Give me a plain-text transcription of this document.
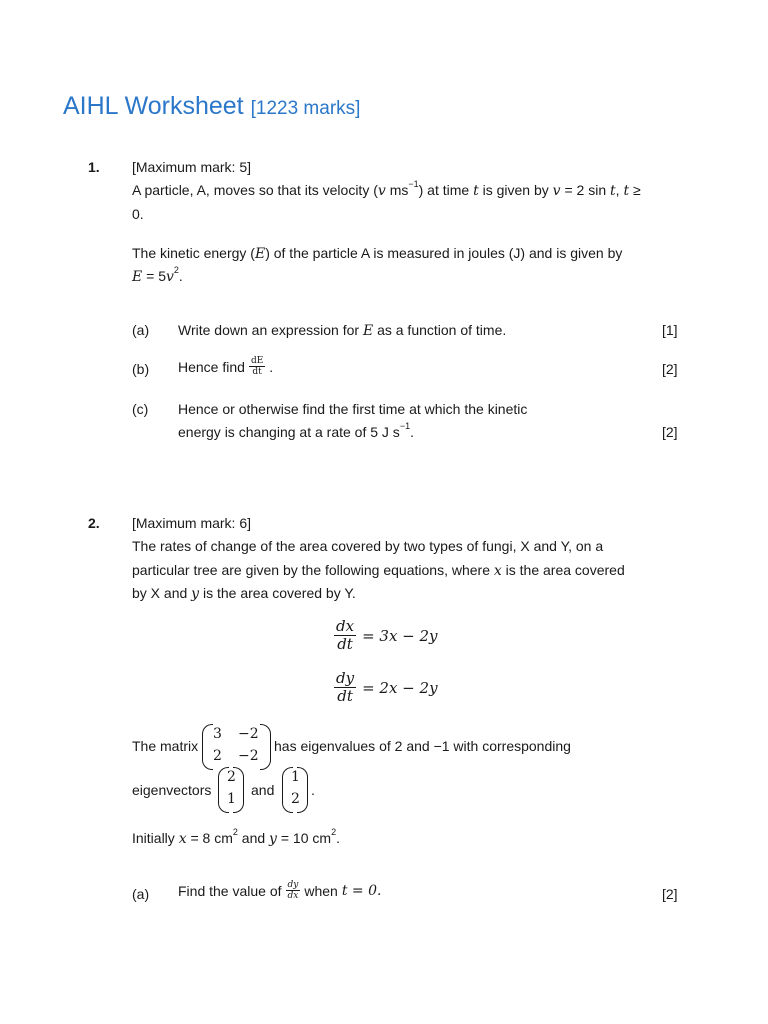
AIHL Worksheet [1223 marks]
1. [Maximum mark: 5]
A particle, A, moves so that its velocity (v $ms^{-1}$) at time t is given by v = 2 sin t, t ≥
0.
The kinetic energy (E) of the particle A is measured in joules (J) and is given by
$E = 5v^2$.
(a) Write down an expression for E as a function of time.	[1]
(b) Hence find $\frac{dE}{dt}$ .	[2]
(c) Hence or otherwise find the first time at which the kinetic
energy is changing at a rate of 5 J $s^{-1}$.	[2]
2. [Maximum mark: 6]
The rates of change of the area covered by two types of fungi, X and Y, on a
particular tree are given by the following equations, where x is the area covered
by X and y is the area covered by Y.
$\frac{dx}{dt} = 3x - 2y$
$\frac{dy}{dt} = 2x - 2y$
The matrix
3 −2
2 −2
has eigenvalues of 2 and −1 with corresponding
eigenvectors
2
1
and
1
2
.
Initially x = 8 $cm^2$ and y = 10 $cm^2$.
(a) Find the value of $\frac{dy}{dx}$ when t = 0.	[2]
